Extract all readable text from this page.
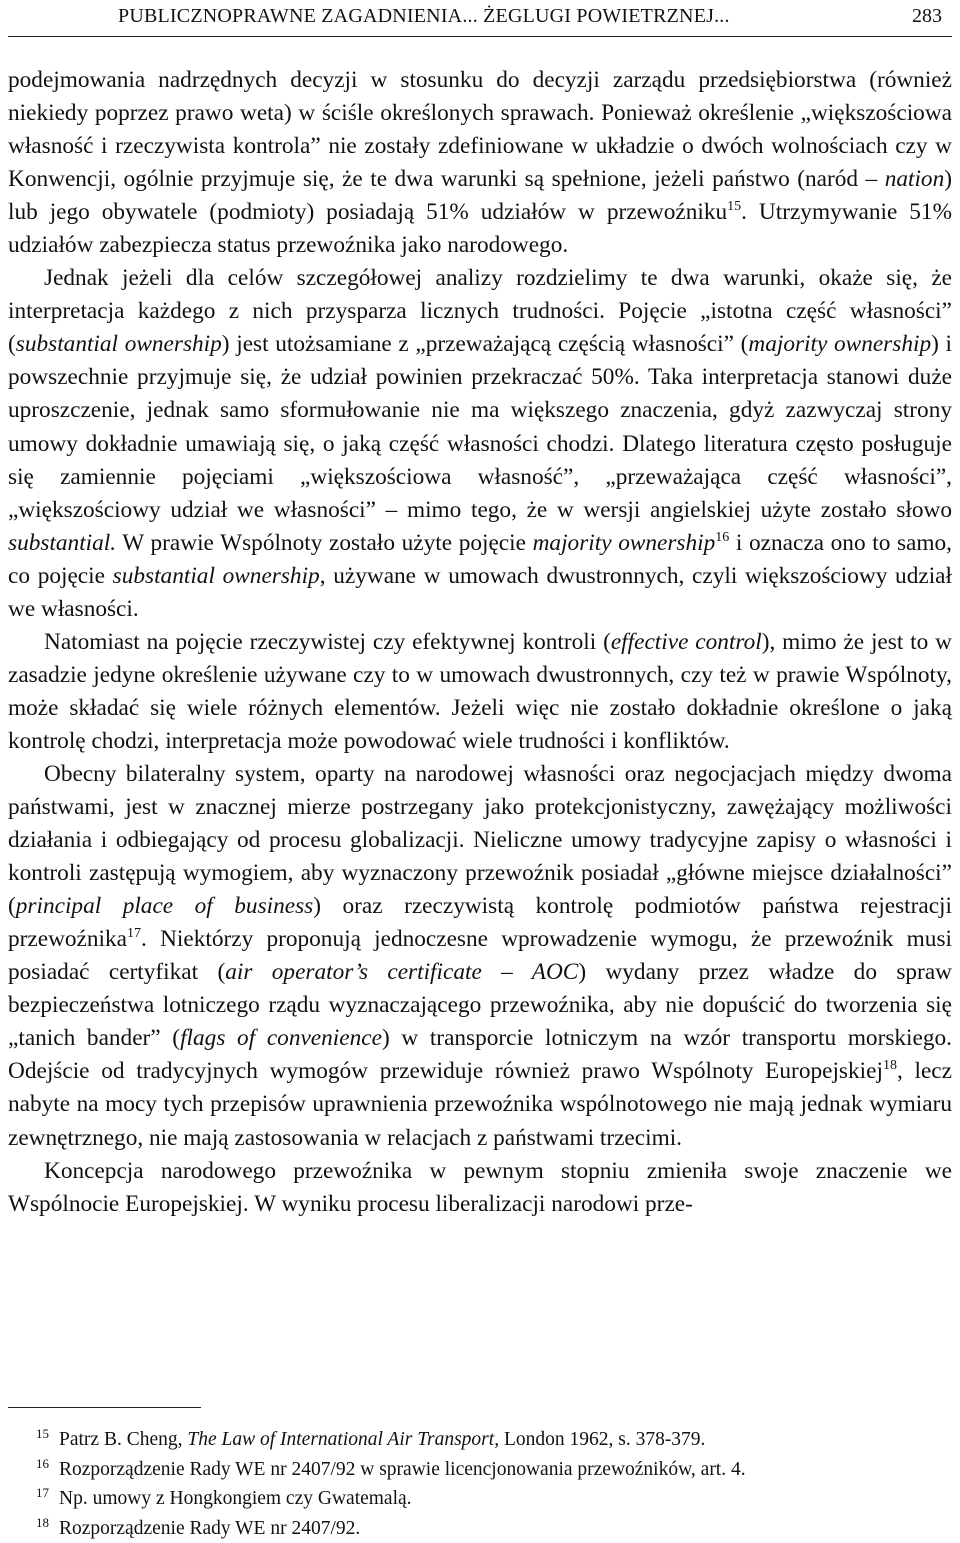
PUBLICZNOPRAWNE ZAGADNIENIA... ŻEGLUGI POWIETRZNEJ...	283

podejmowania nadrzędnych decyzji w stosunku do decyzji zarządu przedsiębiorstwa (również niekiedy poprzez prawo weta) w ściśle określonych sprawach. Ponieważ określenie „większościowa własność i rzeczywista kontrola” nie zostały zdefiniowane w układzie o dwóch wolnościach czy w Konwencji, ogólnie przyjmuje się, że te dwa warunki są spełnione, jeżeli państwo (naród – nation) lub jego obywatele (podmioty) posiadają 51% udziałów w przewoźniku$^{15}$. Utrzymywanie 51% udziałów zabezpiecza status przewoźnika jako narodowego.

Jednak jeżeli dla celów szczegółowej analizy rozdzielimy te dwa warunki, okaże się, że interpretacja każdego z nich przysparza licznych trudności. Pojęcie „istotna część własności” (substantial ownership) jest utożsamiane z „przeważającą częścią własności” (majority ownership) i powszechnie przyjmuje się, że udział powinien przekraczać 50%. Taka interpretacja stanowi duże uproszczenie, jednak samo sformułowanie nie ma większego znaczenia, gdyż zazwyczaj strony umowy dokładnie umawiają się, o jaką część własności chodzi. Dlatego literatura często posługuje się zamiennie pojęciami „większościowa własność”, „przeważająca część własności”, „większościowy udział we własności” – mimo tego, że w wersji angielskiej użyte zostało słowo substantial. W prawie Wspólnoty zostało użyte pojęcie majority ownership$^{16}$ i oznacza ono to samo, co pojęcie substantial ownership, używane w umowach dwustronnych, czyli większościowy udział we własności.

Natomiast na pojęcie rzeczywistej czy efektywnej kontroli (effective control), mimo że jest to w zasadzie jedyne określenie używane czy to w umowach dwustronnych, czy też w prawie Wspólnoty, może składać się wiele różnych elementów. Jeżeli więc nie zostało dokładnie określone o jaką kontrolę chodzi, interpretacja może powodować wiele trudności i konfliktów.

Obecny bilateralny system, oparty na narodowej własności oraz negocjacjach między dwoma państwami, jest w znacznej mierze postrzegany jako protekcjonistyczny, zawężający możliwości działania i odbiegający od procesu globalizacji. Nieliczne umowy tradycyjne zapisy o własności i kontroli zastępują wymogiem, aby wyznaczony przewoźnik posiadał „główne miejsce działalności” (principal place of business) oraz rzeczywistą kontrolę podmiotów państwa rejestracji przewoźnika$^{17}$. Niektórzy proponują jednoczesne wprowadzenie wymogu, że przewoźnik musi posiadać certyfikat (air operator’s certificate – AOC) wydany przez władze do spraw bezpieczeństwa lotniczego rządu wyznaczającego przewoźnika, aby nie dopuścić do tworzenia się „tanich bander” (flags of convenience) w transporcie lotniczym na wzór transportu morskiego. Odejście od tradycyjnych wymogów przewiduje również prawo Wspólnoty Europejskiej$^{18}$, lecz nabyte na mocy tych przepisów uprawnienia przewoźnika wspólnotowego nie mają jednak wymiaru zewnętrznego, nie mają zastosowania w relacjach z państwami trzecimi.

Koncepcja narodowego przewoźnika w pewnym stopniu zmieniła swoje znaczenie we Wspólnocie Europejskiej. W wyniku procesu liberalizacji narodowi prze-

15 Patrz B. Cheng, The Law of International Air Transport, London 1962, s. 378-379.
16 Rozporządzenie Rady WE nr 2407/92 w sprawie licencjonowania przewoźników, art. 4.
17 Np. umowy z Hongkongiem czy Gwatemalą.
18 Rozporządzenie Rady WE nr 2407/92.
